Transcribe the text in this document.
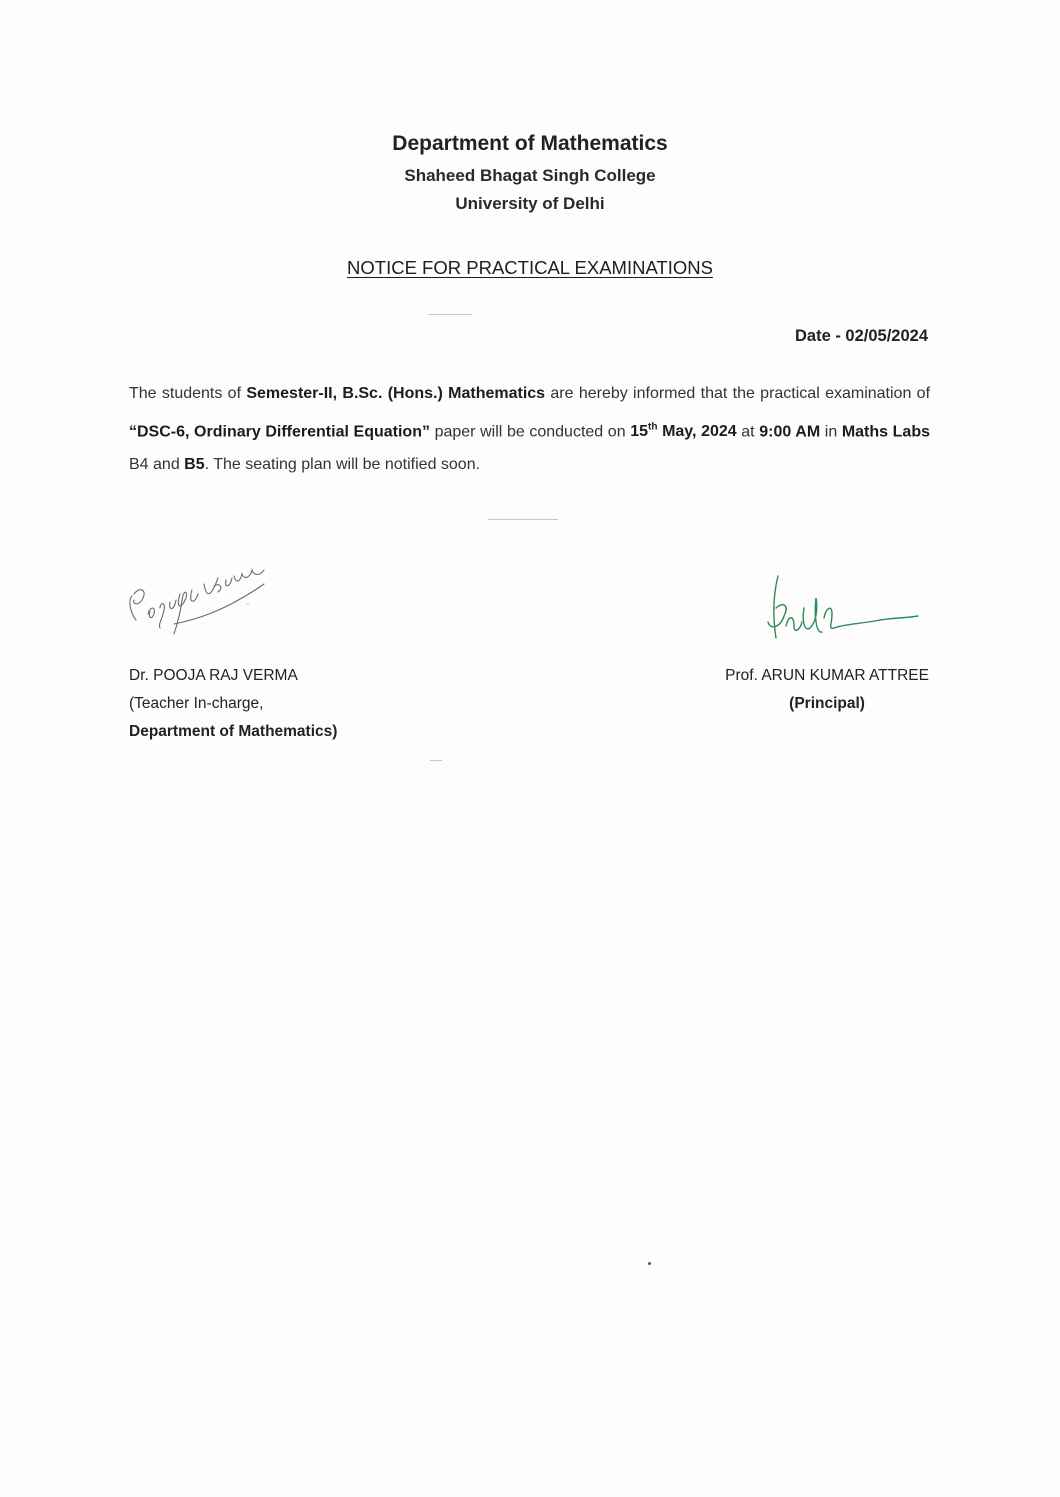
Department of Mathematics
Shaheed Bhagat Singh College
University of Delhi
NOTICE FOR PRACTICAL EXAMINATIONS
Date - 02/05/2024
The students of Semester-II, B.Sc. (Hons.) Mathematics are hereby informed that the practical examination of “DSC-6, Ordinary Differential Equation” paper will be conducted on 15th May, 2024 at 9:00 AM in Maths Labs B4 and B5. The seating plan will be notified soon.
~
Dr. POOJA RAJ VERMA
(Teacher In-charge,
Department of Mathematics)
Prof. ARUN KUMAR ATTREE
(Principal)
